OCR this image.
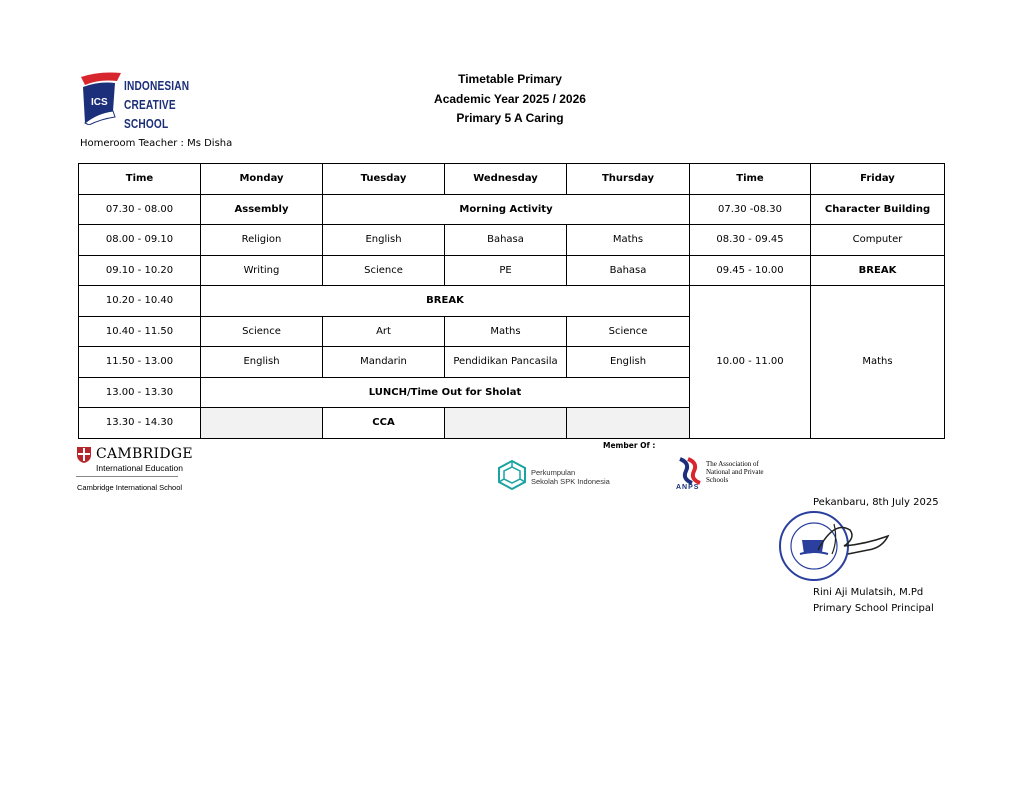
ICS
INDONESIAN
CREATIVE
SCHOOL
Timetable Primary
Academic Year 2025 / 2026
Primary 5 A Caring
Homeroom Teacher : Ms Disha
Time	Monday	Tuesday	Wednesday	Thursday	Time	Friday
07.30 - 08.00	Assembly	Morning Activity			07.30 -08.30	Character Building
08.00 - 09.10	Religion	English	Bahasa	Maths	08.30 - 09.45	Computer
09.10 - 10.20	Writing	Science	PE	Bahasa	09.45 - 10.00	BREAK
10.20 - 10.40	BREAK				10.00 - 11.00	Maths
10.40 - 11.50	Science	Art	Maths	Science		
11.50 - 13.00	English	Mandarin	Pendidikan Pancasila	English		
13.00 - 13.30	LUNCH/Time Out for Sholat					
13.30 - 14.30		CCA				
Member Of :
CAMBRIDGE
International Education
Cambridge International School
Perkumpulan
Sekolah SPK Indonesia
The Association of National and Private Schools
ANPS
Pekanbaru, 8th July 2025
Rini Aji Mulatsih, M.Pd
Primary School Principal
